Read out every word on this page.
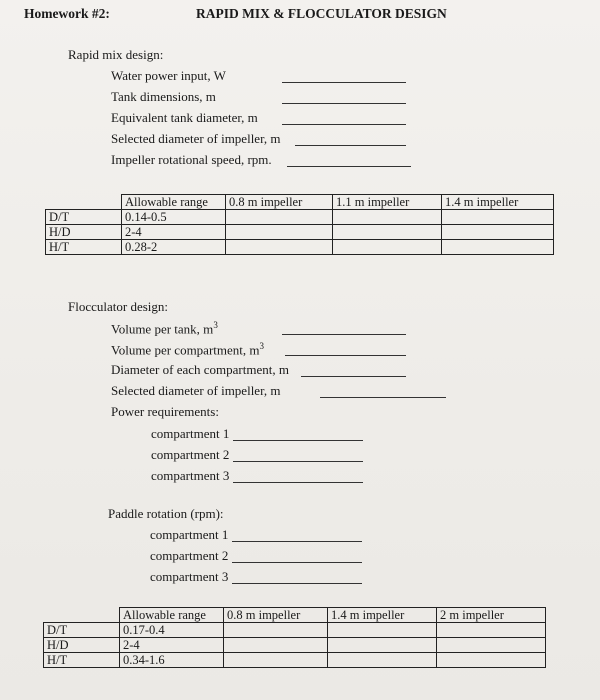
Homework #2:	RAPID MIX & FLOCCULATOR DESIGN
Rapid mix design:
Water power input, W
Tank dimensions, m
Equivalent tank diameter, m
Selected diameter of impeller, m
Impeller rotational speed, rpm.
	Allowable range	0.8 m impeller	1.1 m impeller	1.4 m impeller
D/T	0.14-0.5			
H/D	2-4			
H/T	0.28-2			
Flocculator design:
Volume per tank, $m^3$
Volume per compartment, $m^3$
Diameter of each compartment, m
Selected diameter of impeller, m
Power requirements:
compartment 1
compartment 2
compartment 3
Paddle rotation (rpm):
compartment 1
compartment 2
compartment 3
	Allowable range	0.8 m impeller	1.4 m impeller	2 m impeller
D/T	0.17-0.4			
H/D	2-4			
H/T	0.34-1.6			
